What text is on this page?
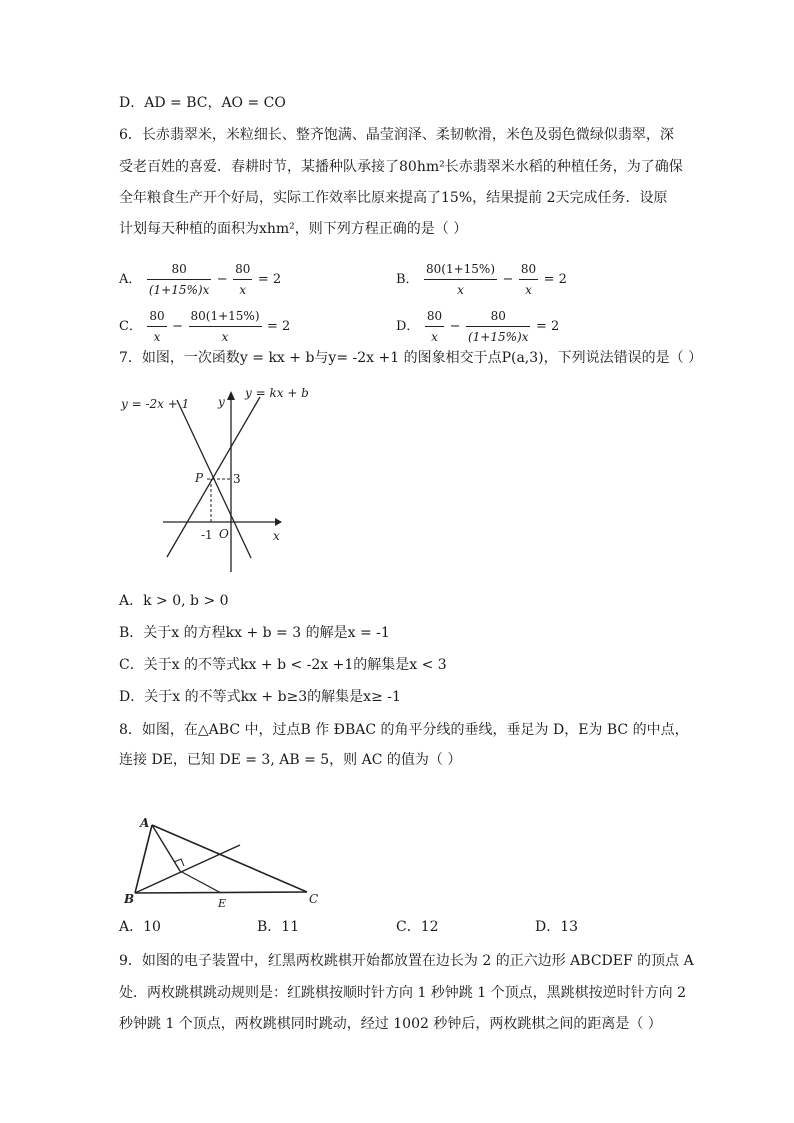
D．AD = BC，AO = CO
6．长赤翡翠米，米粒细长、整齐饱满、晶莹润泽、柔韧軟滑，米色及弱色微绿似翡翠，深
受老百姓的喜爱．春耕时节，某播种队承接了80hm²长赤翡翠米水稻的种植任务，为了确保
全年粮食生产开个好局，实际工作效率比原来提高了15%，结果提前 2天完成任务．设原
计划每天种植的面积为xhm²，则下列方程正确的是（ ）
A． $\frac{80}{(1+15\%)x} - \frac{80}{x} = 2$	B． $\frac{80(1+15\%)}{x} - \frac{80}{x} = 2$
C． $\frac{80}{x} - \frac{80(1+15\%)}{x} = 2$	D． $\frac{80}{x} - \frac{80}{(1+15\%)x} = 2$
7．如图，一次函数y = kx + b与y= -2x +1 的图象相交于点P(a,3)，下列说法错误的是（ ）
y = -2x + 1 y
y = kx + b
P 3
-1 O	x
A．k > 0, b > 0
B．关于x 的方程kx + b = 3 的解是x = -1
C．关于x 的不等式kx + b < -2x +1的解集是x < 3
D．关于x 的不等式kx + b≥3的解集是x≥ -1
8．如图，在△ABC 中，过点B 作 ÐBAC 的角平分线的垂线，垂足为 D，E为 BC 的中点，
连接 DE，已知 DE = 3, AB = 5，则 AC 的值为（ ）
A
B	C
E
A．10	B．11	C．12	D．13
9．如图的电子装置中，红黑两枚跳棋开始都放置在边长为 2 的正六边形 ABCDEF 的顶点 A
处．两枚跳棋跳动规则是：红跳棋按顺时针方向 1 秒钟跳 1 个顶点，黑跳棋按逆时针方向 2
秒钟跳 1 个顶点，两枚跳棋同时跳动，经过 1002 秒钟后，两枚跳棋之间的距离是（ ）
